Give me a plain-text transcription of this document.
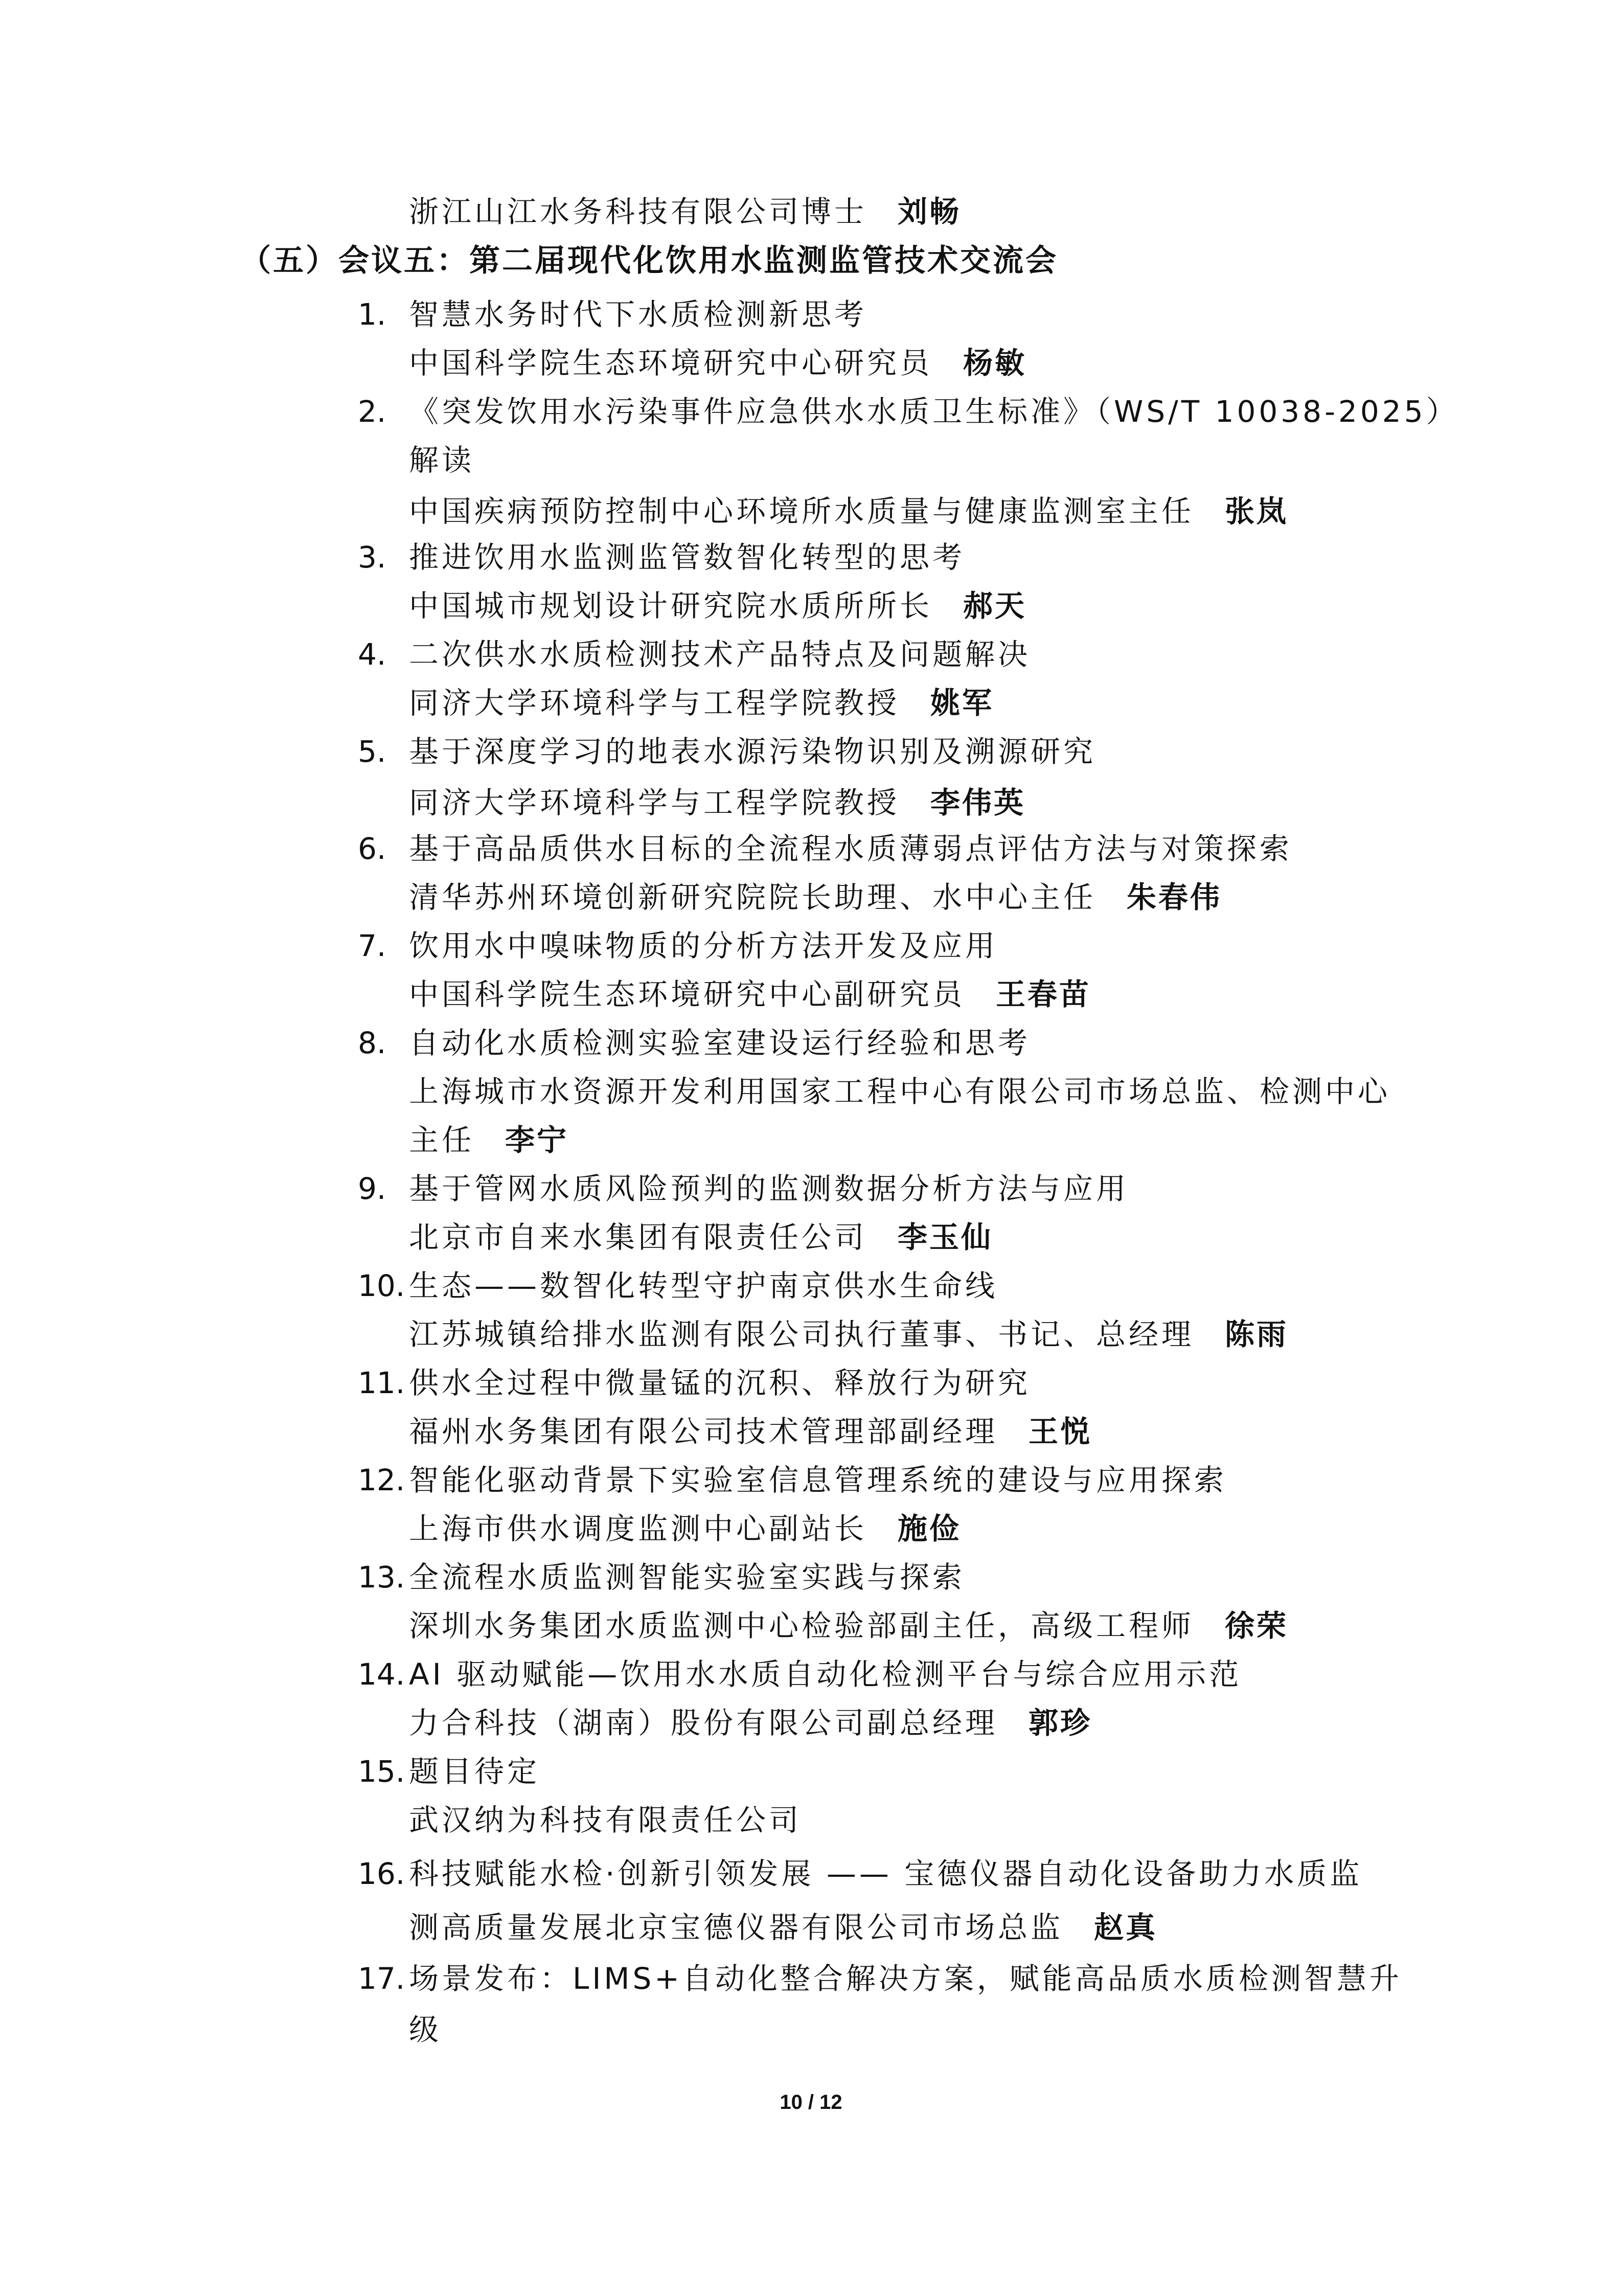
浙江山江水务科技有限公司博士 刘畅
（五）会议五：第二届现代化饮用水监测监管技术交流会
1. 智慧水务时代下水质检测新思考
中国科学院生态环境研究中心研究员 杨敏
2. 《突发饮用水污染事件应急供水水质卫生标准》（WS/T 10038-2025）
解读
中国疾病预防控制中心环境所水质量与健康监测室主任 张岚
3. 推进饮用水监测监管数智化转型的思考
中国城市规划设计研究院水质所所长 郝天
4. 二次供水水质检测技术产品特点及问题解决
同济大学环境科学与工程学院教授 姚军
5. 基于深度学习的地表水源污染物识别及溯源研究
同济大学环境科学与工程学院教授 李伟英
6. 基于高品质供水目标的全流程水质薄弱点评估方法与对策探索
清华苏州环境创新研究院院长助理、水中心主任 朱春伟
7. 饮用水中嗅味物质的分析方法开发及应用
中国科学院生态环境研究中心副研究员 王春苗
8. 自动化水质检测实验室建设运行经验和思考
上海城市水资源开发利用国家工程中心有限公司市场总监、检测中心
主任 李宁
9. 基于管网水质风险预判的监测数据分析方法与应用
北京市自来水集团有限责任公司 李玉仙
10. 生态——数智化转型守护南京供水生命线
江苏城镇给排水监测有限公司执行董事、书记、总经理 陈雨
11. 供水全过程中微量锰的沉积、释放行为研究
福州水务集团有限公司技术管理部副经理 王悦
12. 智能化驱动背景下实验室信息管理系统的建设与应用探索
上海市供水调度监测中心副站长 施俭
13. 全流程水质监测智能实验室实践与探索
深圳水务集团水质监测中心检验部副主任，高级工程师 徐荣
14. AI 驱动赋能—饮用水水质自动化检测平台与综合应用示范
力合科技（湖南）股份有限公司副总经理 郭珍
15. 题目待定
武汉纳为科技有限责任公司
16. 科技赋能水检·创新引领发展 —— 宝德仪器自动化设备助力水质监
测高质量发展北京宝德仪器有限公司市场总监 赵真
17. 场景发布：LIMS+自动化整合解决方案，赋能高品质水质检测智慧升
级
10 / 12
